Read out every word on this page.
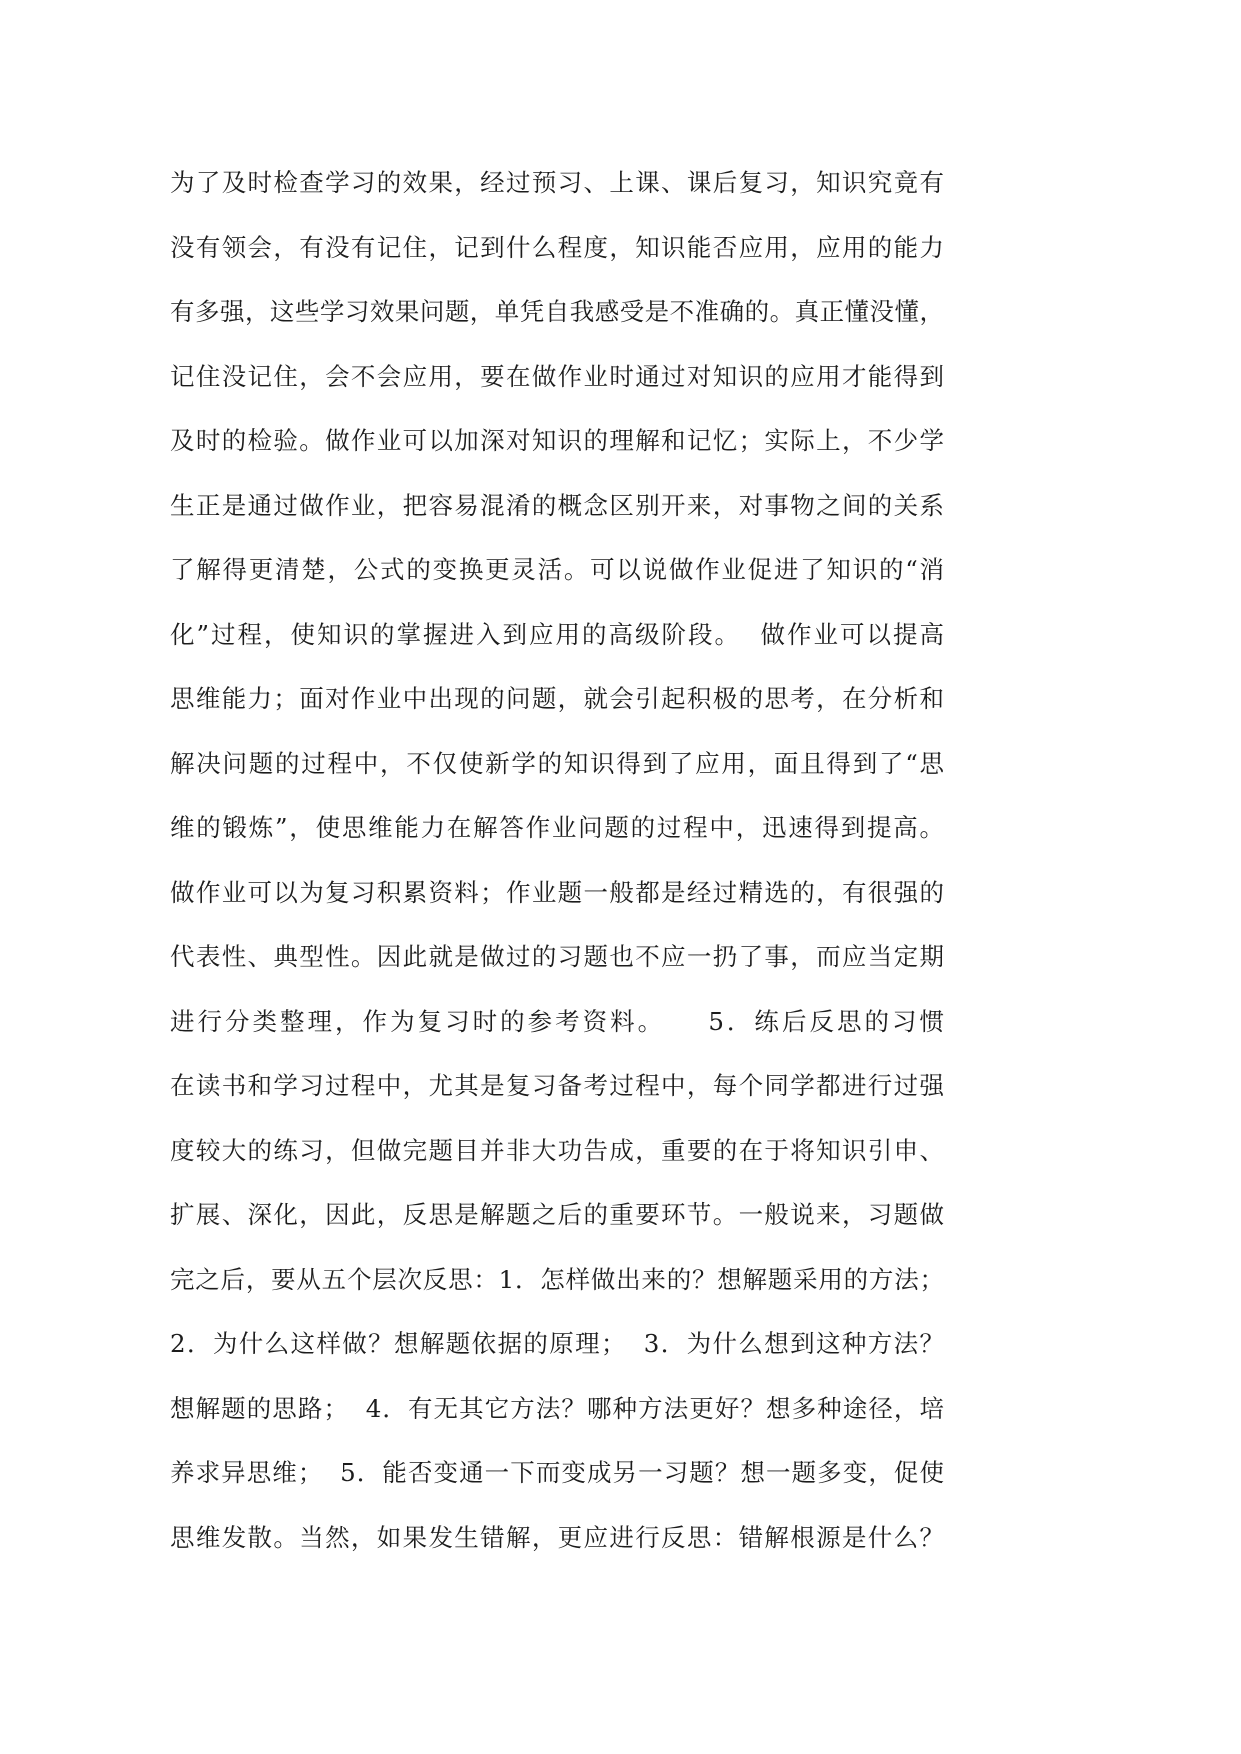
为了及时检查学习的效果，经过预习、上课、课后复习，知识究竟有
没有领会，有没有记住，记到什么程度，知识能否应用，应用的能力
有多强，这些学习效果问题，单凭自我感受是不准确的。真正懂没懂，
记住没记住，会不会应用，要在做作业时通过对知识的应用才能得到
及时的检验。做作业可以加深对知识的理解和记忆；实际上，不少学
生正是通过做作业，把容易混淆的概念区别开来，对事物之间的关系
了解得更清楚，公式的变换更灵活。可以说做作业促进了知识的“消
化”过程，使知识的掌握进入到应用的高级阶段。  做作业可以提高
思维能力；面对作业中出现的问题，就会引起积极的思考，在分析和
解决问题的过程中，不仅使新学的知识得到了应用，面且得到了“思
维的锻炼”，使思维能力在解答作业问题的过程中，迅速得到提高。
做作业可以为复习积累资料；作业题一般都是经过精选的，有很强的
代表性、典型性。因此就是做过的习题也不应一扔了事，而应当定期
进行分类整理，作为复习时的参考资料。    5．练后反思的习惯
在读书和学习过程中，尤其是复习备考过程中，每个同学都进行过强
度较大的练习，但做完题目并非大功告成，重要的在于将知识引申、
扩展、深化，因此，反思是解题之后的重要环节。一般说来，习题做
完之后，要从五个层次反思：1．怎样做出来的？想解题采用的方法；
2．为什么这样做？想解题依据的原理；  3．为什么想到这种方法？
想解题的思路；  4．有无其它方法？哪种方法更好？想多种途径，培
养求异思维；  5．能否变通一下而变成另一习题？想一题多变，促使
思维发散。当然，如果发生错解，更应进行反思：错解根源是什么？
